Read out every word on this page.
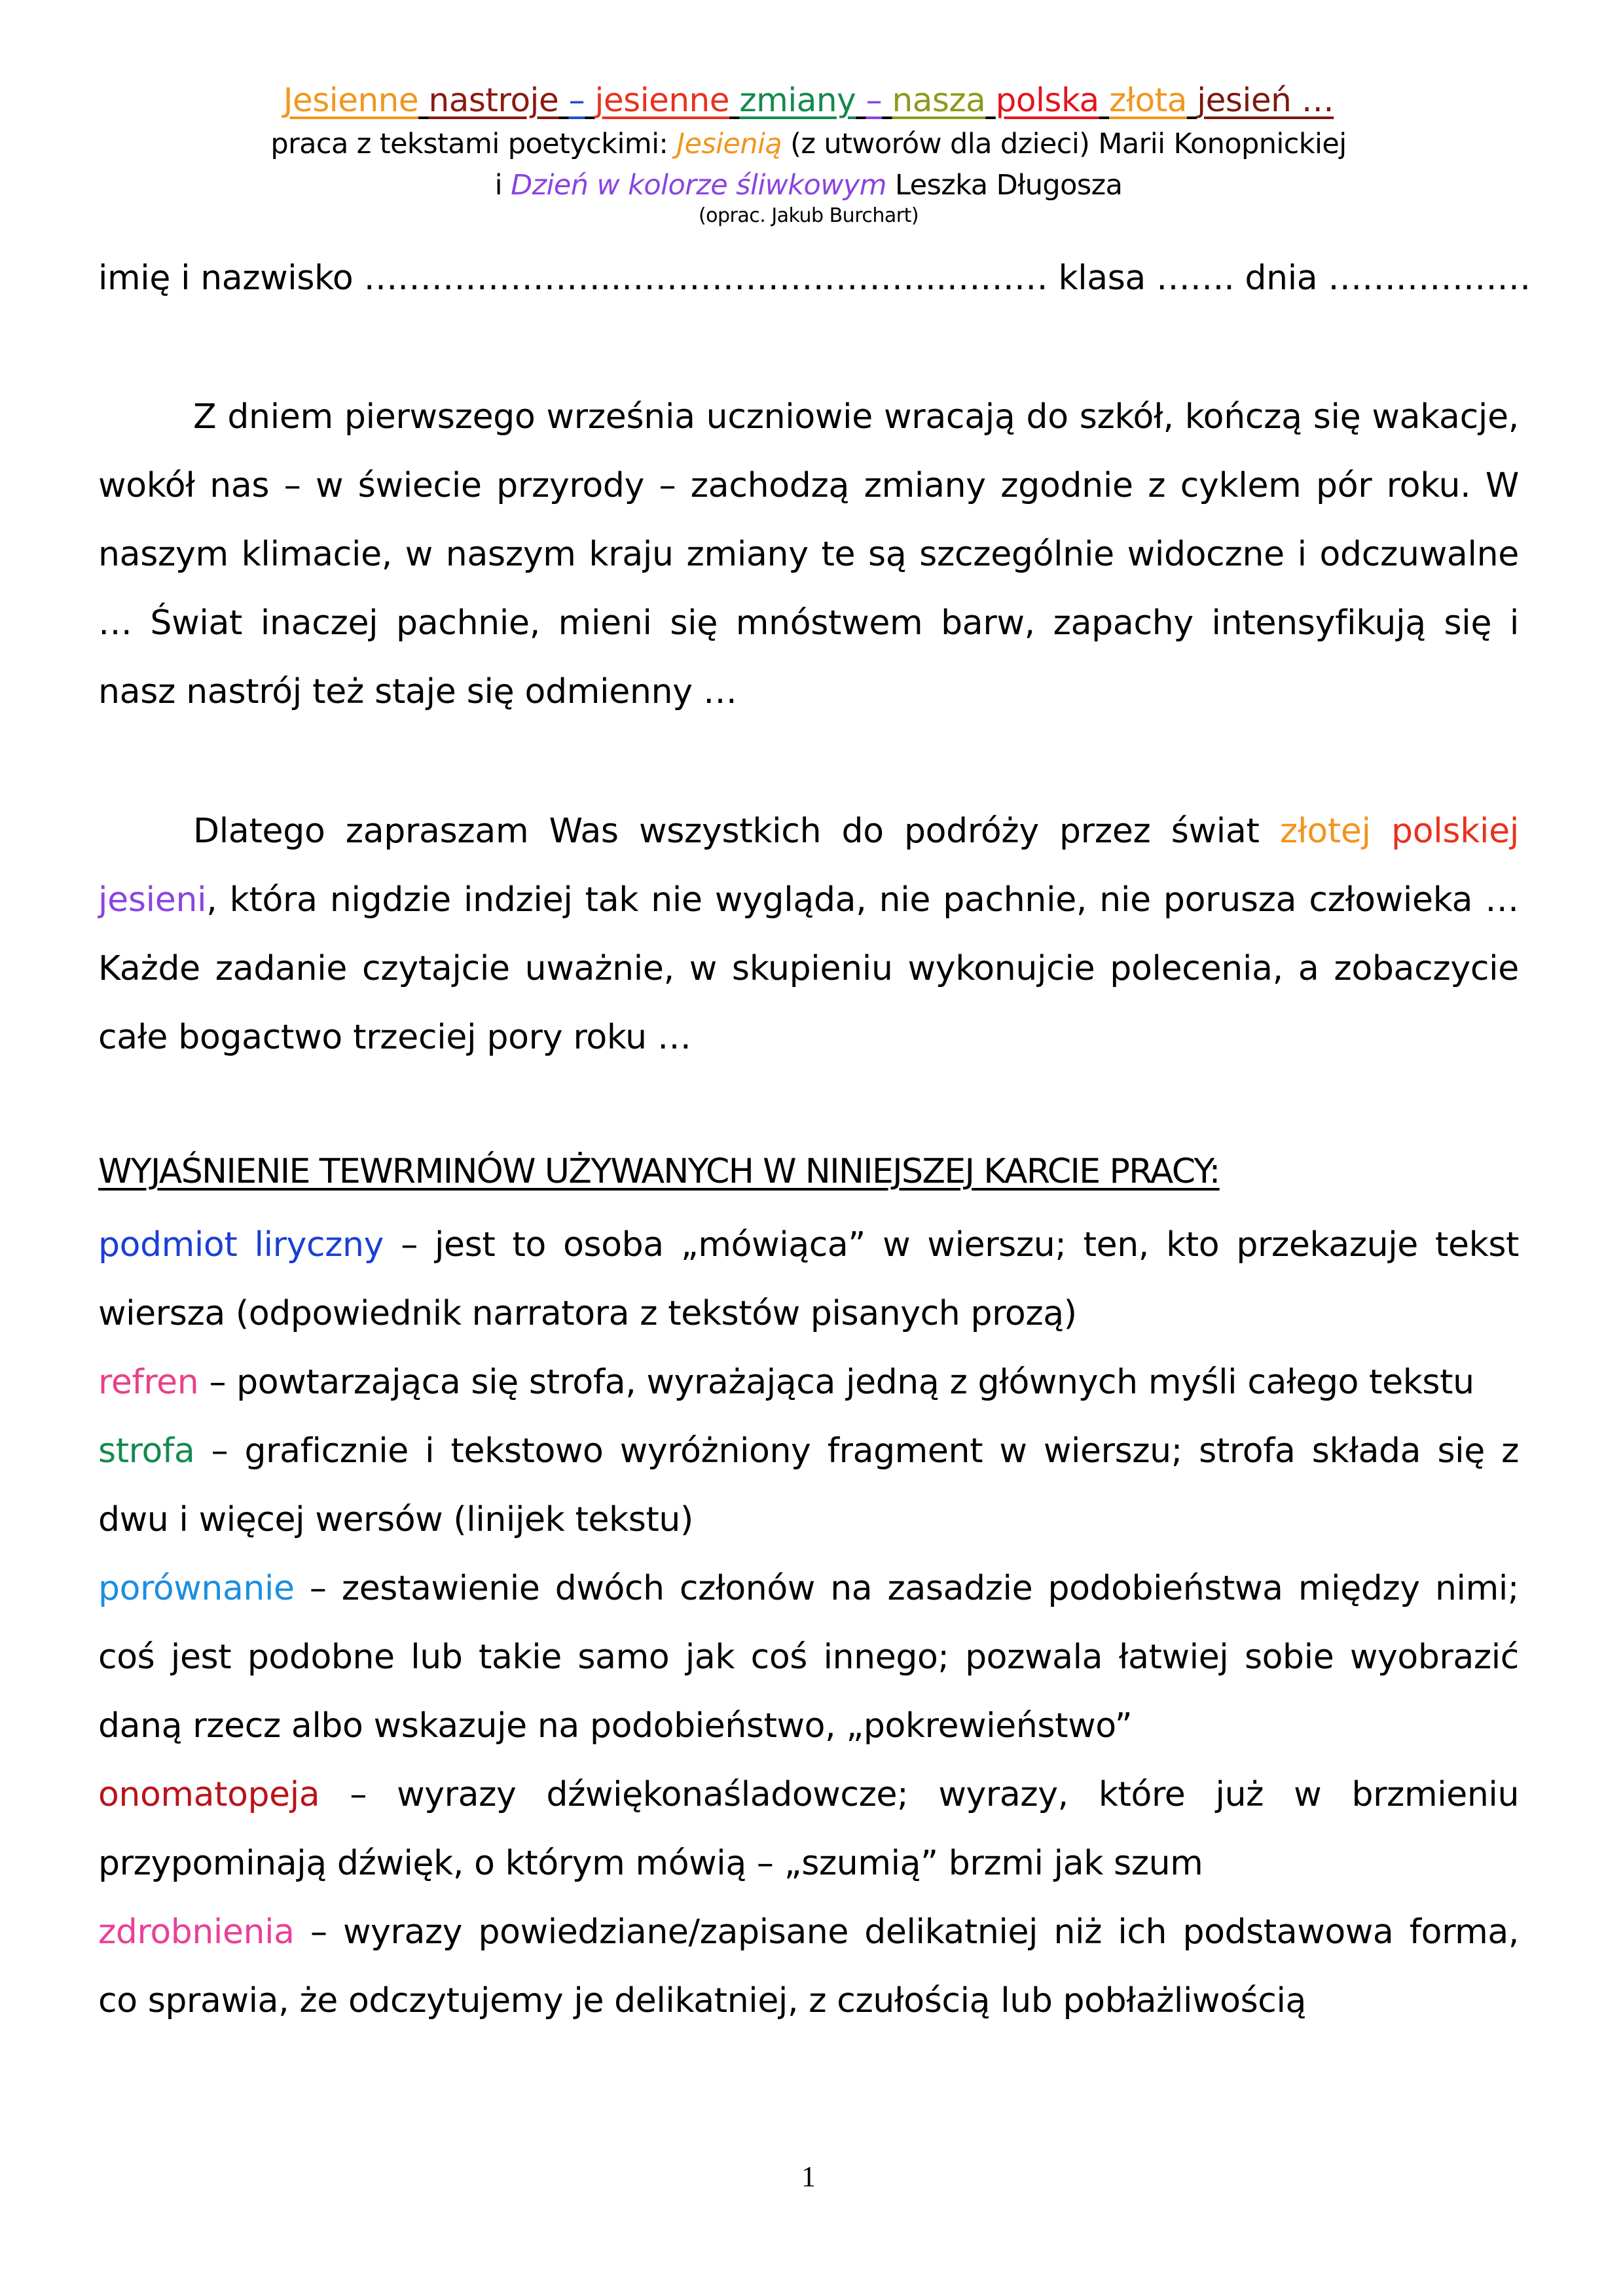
Jesienne nastroje – jesienne zmiany – nasza polska złota jesień …
praca z tekstami poetyckimi: Jesienią (z utworów dla dzieci) Marii Konopnickiej
i Dzień w kolorze śliwkowym Leszka Długosza
(oprac. Jakub Burchart)
imię i nazwisko …………………..………………………..……… klasa ……. dnia ………………
Z dniem pierwszego września uczniowie wracają do szkół, kończą się wakacje, wokół nas – w świecie przyrody – zachodzą zmiany zgodnie z cyklem pór roku. W naszym klimacie, w naszym kraju zmiany te są szczególnie widoczne i odczuwalne … Świat inaczej pachnie, mieni się mnóstwem barw, zapachy intensyfikują się i nasz nastrój też staje się odmienny …
Dlatego zapraszam Was wszystkich do podróży przez świat złotej polskiej jesieni, która nigdzie indziej tak nie wygląda, nie pachnie, nie porusza człowieka … Każde zadanie czytajcie uważnie, w skupieniu wykonujcie polecenia, a zobaczycie całe bogactwo trzeciej pory roku …
WYJAŚNIENIE TEWRMINÓW UŻYWANYCH W NINIEJSZEJ KARCIE PRACY:
podmiot liryczny – jest to osoba „mówiąca” w wierszu; ten, kto przekazuje tekst wiersza (odpowiednik narratora z tekstów pisanych prozą)
refren – powtarzająca się strofa, wyrażająca jedną z głównych myśli całego tekstu
strofa – graficznie i tekstowo wyróżniony fragment w wierszu; strofa składa się z dwu i więcej wersów (linijek tekstu)
porównanie – zestawienie dwóch członów na zasadzie podobieństwa między nimi; coś jest podobne lub takie samo jak coś innego; pozwala łatwiej sobie wyobrazić daną rzecz albo wskazuje na podobieństwo, „pokrewieństwo”
onomatopeja – wyrazy dźwiękonaśladowcze; wyrazy, które już w brzmieniu przypominają dźwięk, o którym mówią – „szumią” brzmi jak szum
zdrobnienia – wyrazy powiedziane/zapisane delikatniej niż ich podstawowa forma, co sprawia, że odczytujemy je delikatniej, z czułością lub pobłażliwością
1
